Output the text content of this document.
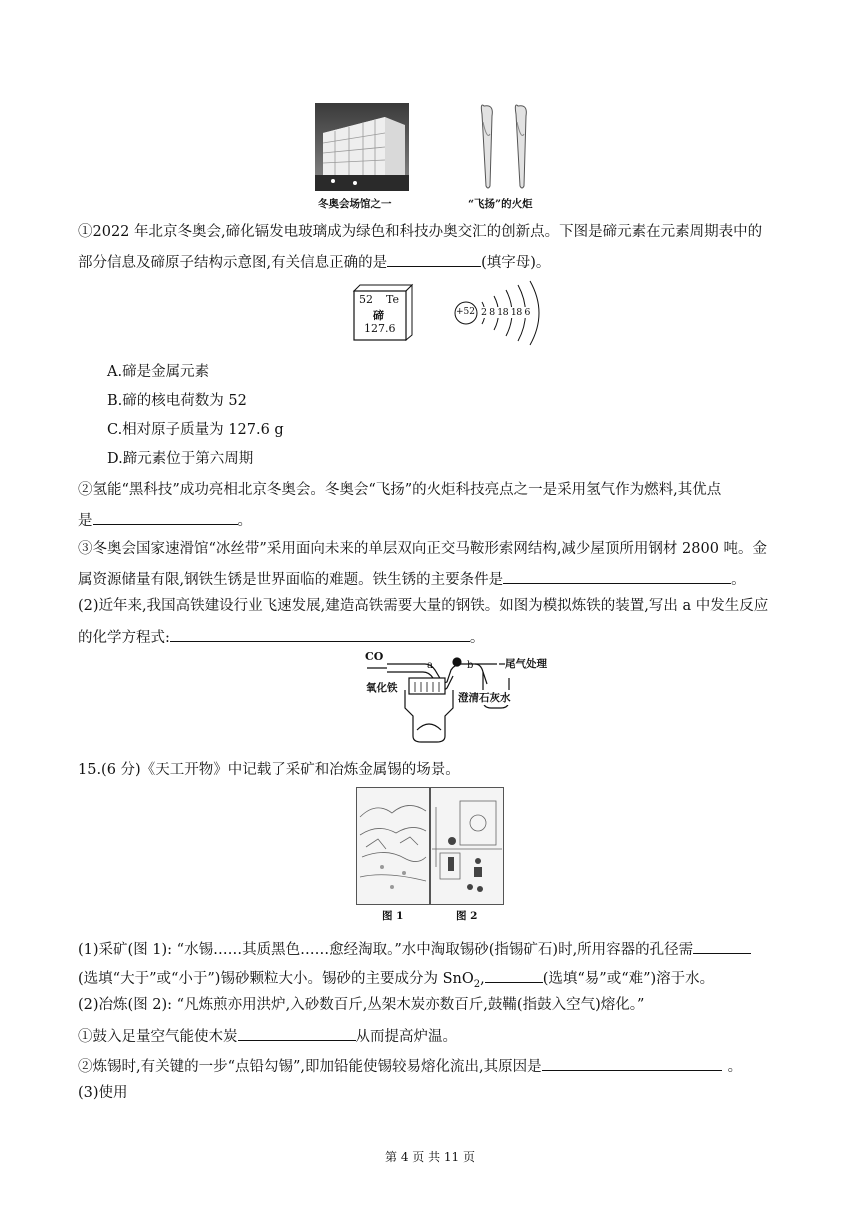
冬奥会场馆之一	“飞扬”的火炬
①2022 年北京冬奥会,碲化镉发电玻璃成为绿色和科技办奥交汇的创新点。下图是碲元素在元素周期表中的
部分信息及碲原子结构示意图,有关信息正确的是	(填字母)。
52 Te
碲
127.6
+52 2 8 18 18 6
A.碲是金属元素
B.碲的核电荷数为 52
C.相对原子质量为 127.6 g
D.蹄元素位于第六周期
②氢能“黑科技”成功亮相北京冬奥会。冬奥会“飞扬”的火炬科技亮点之一是采用氢气作为燃料,其优点
是	。
③冬奥会国家速滑馆“冰丝带”采用面向未来的单层双向正交马鞍形索网结构,减少屋顶所用钢材 2800 吨。金
属资源储量有限,钢铁生锈是世界面临的难题。铁生锈的主要条件是	。
(2)近年来,我国高铁建设行业飞速发展,建造高铁需要大量的钢铁。如图为模拟炼铁的装置,写出 a 中发生反应
的化学方程式:	。
CO
a	b	尾气处理
氧化铁
澄清石灰水
15.(6 分)《天工开物》中记载了采矿和冶炼金属锡的场景。
图 1	图 2
(1)采矿(图 1): “水锡……其质黑色……愈经淘取。”水中淘取锡砂(指锡矿石)时,所用容器的孔径需
(选填“大于”或“小于”)锡砂颗粒大小。锡砂的主要成分为 SnO$_2$,	(选填“易”或“难”)溶于水。
(2)冶炼(图 2): “凡炼煎亦用洪炉,入砂数百斤,丛架木炭亦数百斤,鼓鞴(指鼓入空气)熔化。”
①鼓入足量空气能使木炭	从而提高炉温。
②炼锡时,有关键的一步“点铅勾锡”,即加铅能使锡较易熔化流出,其原因是	。
(3)使用
第 4 页 共 11 页
